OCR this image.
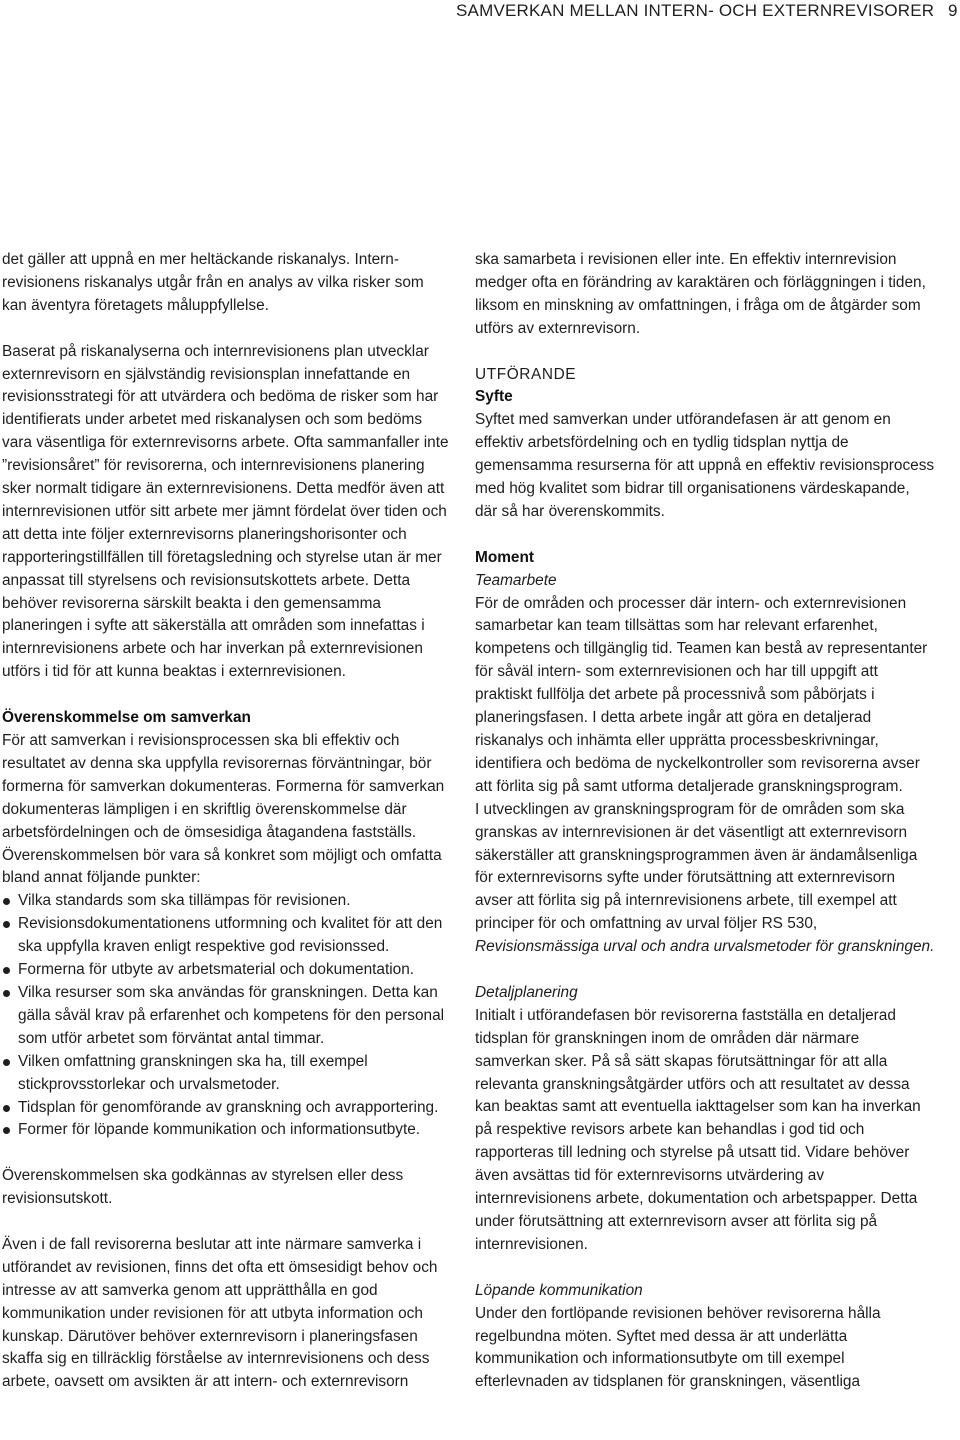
SAMVERKAN MELLAN INTERN- OCH EXTERNREVISORER 9

det gäller att uppnå en mer heltäckande riskanalys. Intern-revisionens riskanalys utgår från en analys av vilka risker som kan äventyra företagets måluppfyllelse.

Baserat på riskanalyserna och internrevisionens plan utvecklar externrevisorn en självständig revisionsplan innefattande en revisionsstrategi för att utvärdera och bedöma de risker som har identifierats under arbetet med riskanalysen och som bedöms vara väsentliga för externrevisorns arbete. Ofta sammanfaller inte ”revisionsåret” för revisorerna, och internrevisionens planering sker normalt tidigare än externrevisionens. Detta medför även att internrevisionen utför sitt arbete mer jämnt fördelat över tiden och att detta inte följer externrevisorns planeringshorisonter och rapporteringstillfällen till företagsledning och styrelse utan är mer anpassat till styrelsens och revisionsutskottets arbete. Detta behöver revisorerna särskilt beakta i den gemensamma planeringen i syfte att säkerställa att områden som innefattas i internrevisionens arbete och har inverkan på externrevisionen utförs i tid för att kunna beaktas i externrevisionen.

Överenskommelse om samverkan

För att samverkan i revisionsprocessen ska bli effektiv och resultatet av denna ska uppfylla revisorernas förväntningar, bör formerna för samverkan dokumenteras. Formerna för samverkan dokumenteras lämpligen i en skriftlig överenskommelse där arbetsfördelningen och de ömsesidiga åtagandena fastställs. Överenskommelsen bör vara så konkret som möjligt och omfatta bland annat följande punkter:

Vilka standards som ska tillämpas för revisionen.
Revisionsdokumentationens utformning och kvalitet för att den ska uppfylla kraven enligt respektive god revisionssed.
Formerna för utbyte av arbetsmaterial och dokumentation.
Vilka resurser som ska användas för granskningen. Detta kan gälla såväl krav på erfarenhet och kompetens för den personal som utför arbetet som förväntat antal timmar.
Vilken omfattning granskningen ska ha, till exempel stickprovsstorlekar och urvalsmetoder.
Tidsplan för genomförande av granskning och avrapportering.
Former för löpande kommunikation och informationsutbyte.

Överenskommelsen ska godkännas av styrelsen eller dess revisionsutskott.

Även i de fall revisorerna beslutar att inte närmare samverka i utförandet av revisionen, finns det ofta ett ömsesidigt behov och intresse av att samverka genom att upprätthålla en god kommunikation under revisionen för att utbyta information och kunskap. Därutöver behöver externrevisorn i planeringsfasen skaffa sig en tillräcklig förståelse av internrevisionens och dess arbete, oavsett om avsikten är att intern- och externrevisorn

ska samarbeta i revisionen eller inte. En effektiv internrevision medger ofta en förändring av karaktären och förläggningen i tiden, liksom en minskning av omfattningen, i fråga om de åtgärder som utförs av externrevisorn.

UTFÖRANDE

Syfte

Syftet med samverkan under utförandefasen är att genom en effektiv arbetsfördelning och en tydlig tidsplan nyttja de gemensamma resurserna för att uppnå en effektiv revisionsprocess med hög kvalitet som bidrar till organisationens värdeskapande, där så har överenskommits.

Moment

Teamarbete

För de områden och processer där intern- och externrevisionen samarbetar kan team tillsättas som har relevant erfarenhet, kompetens och tillgänglig tid. Teamen kan bestå av representanter för såväl intern- som externrevisionen och har till uppgift att praktiskt fullfölja det arbete på processnivå som påbörjats i planeringsfasen. I detta arbete ingår att göra en detaljerad riskanalys och inhämta eller upprätta processbeskrivningar, identifiera och bedöma de nyckelkontroller som revisorerna avser att förlita sig på samt utforma detaljerade granskningsprogram.

I utvecklingen av granskningsprogram för de områden som ska granskas av internrevisionen är det väsentligt att externrevisorn säkerställer att granskningsprogrammen även är ändamålsenliga för externrevisorns syfte under förutsättning att externrevisorn avser att förlita sig på internrevisionens arbete, till exempel att principer för och omfattning av urval följer RS 530, Revisionsmässiga urval och andra urvalsmetoder för granskningen.

Detaljplanering

Initialt i utförandefasen bör revisorerna fastställa en detaljerad tidsplan för granskningen inom de områden där närmare samverkan sker. På så sätt skapas förutsättningar för att alla relevanta granskningsåtgärder utförs och att resultatet av dessa kan beaktas samt att eventuella iakttagelser som kan ha inverkan på respektive revisors arbete kan behandlas i god tid och rapporteras till ledning och styrelse på utsatt tid. Vidare behöver även avsättas tid för externrevisorns utvärdering av internrevisionens arbete, dokumentation och arbetspapper. Detta under förutsättning att externrevisorn avser att förlita sig på internrevisionen.

Löpande kommunikation

Under den fortlöpande revisionen behöver revisorerna hålla regelbundna möten. Syftet med dessa är att underlätta kommunikation och informationsutbyte om till exempel efterlevnaden av tidsplanen för granskningen, väsentliga
